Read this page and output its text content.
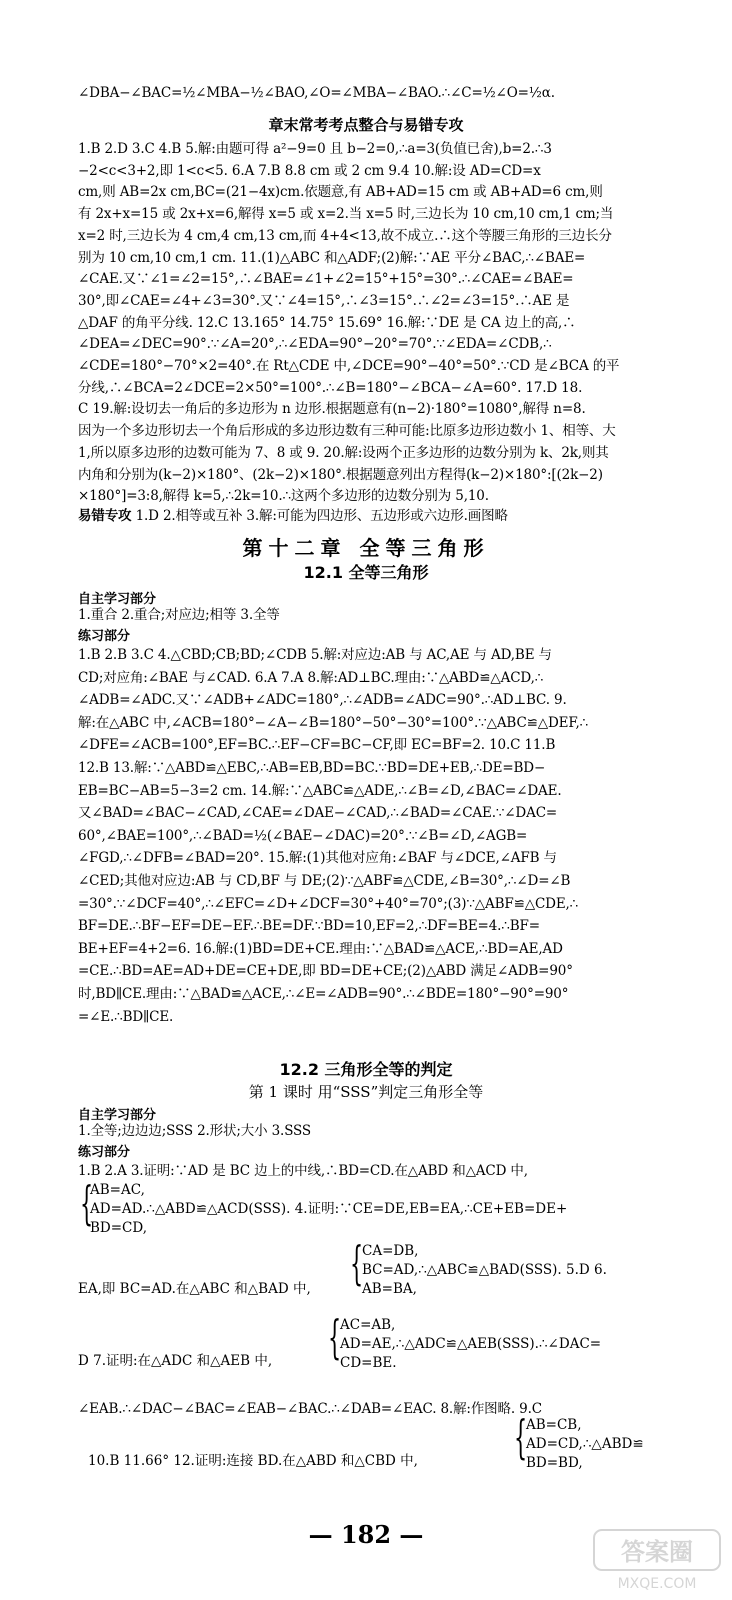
∠DBA−∠BAC=½∠MBA−½∠BAO,∠O=∠MBA−∠BAO.∴∠C=½∠O=½α.
章末常考考点整合与易错专攻
1.B 2.D 3.C 4.B 5.解:由题可得 a²−9=0 且 b−2=0,∴a=3(负值已舍),b=2.∴3
−2<c<3+2,即 1<c<5. 6.A 7.B 8.8 cm 或 2 cm 9.4 10.解:设 AD=CD=x
cm,则 AB=2x cm,BC=(21−4x)cm.依题意,有 AB+AD=15 cm 或 AB+AD=6 cm,则
有 2x+x=15 或 2x+x=6,解得 x=5 或 x=2.当 x=5 时,三边长为 10 cm,10 cm,1 cm;当
x=2 时,三边长为 4 cm,4 cm,13 cm,而 4+4<13,故不成立.∴这个等腰三角形的三边长分
别为 10 cm,10 cm,1 cm. 11.(1)△ABC 和△ADF;(2)解:∵AE 平分∠BAC,∴∠BAE=
∠CAE.又∵∠1=∠2=15°,∴∠BAE=∠1+∠2=15°+15°=30°.∴∠CAE=∠BAE=
30°,即∠CAE=∠4+∠3=30°.又∵∠4=15°,∴∠3=15°.∴∠2=∠3=15°.∴AE 是
△DAF 的角平分线. 12.C 13.165° 14.75° 15.69° 16.解:∵DE 是 CA 边上的高,∴
∠DEA=∠DEC=90°.∵∠A=20°,∴∠EDA=90°−20°=70°.∵∠EDA=∠CDB,∴
∠CDE=180°−70°×2=40°.在 Rt△CDE 中,∠DCE=90°−40°=50°.∵CD 是∠BCA 的平
分线,∴∠BCA=2∠DCE=2×50°=100°.∴∠B=180°−∠BCA−∠A=60°. 17.D 18.
C 19.解:设切去一角后的多边形为 n 边形.根据题意有(n−2)·180°=1080°,解得 n=8.
因为一个多边形切去一个角后形成的多边形边数有三种可能:比原多边形边数小 1、相等、大
1,所以原多边形的边数可能为 7、8 或 9. 20.解:设两个正多边形的边数分别为 k、2k,则其
内角和分别为(k−2)×180°、(2k−2)×180°.根据题意列出方程得(k−2)×180°:[(2k−2)
×180°]=3:8,解得 k=5,∴2k=10.∴这两个多边形的边数分别为 5,10.
易错专攻 1.D 2.相等或互补 3.解:可能为四边形、五边形或六边形.画图略
第十二章 全等三角形
12.1 全等三角形
自主学习部分
1.重合 2.重合;对应边;相等 3.全等
练习部分
1.B 2.B 3.C 4.△CBD;CB;BD;∠CDB 5.解:对应边:AB 与 AC,AE 与 AD,BE 与
CD;对应角:∠BAE 与∠CAD. 6.A 7.A 8.解:AD⊥BC.理由:∵△ABD≌△ACD,∴
∠ADB=∠ADC.又∵∠ADB+∠ADC=180°,∴∠ADB=∠ADC=90°.∴AD⊥BC. 9.
解:在△ABC 中,∠ACB=180°−∠A−∠B=180°−50°−30°=100°.∵△ABC≌△DEF,∴
∠DFE=∠ACB=100°,EF=BC.∴EF−CF=BC−CF,即 EC=BF=2. 10.C 11.B
12.B 13.解:∵△ABD≌△EBC,∴AB=EB,BD=BC.∵BD=DE+EB,∴DE=BD−
EB=BC−AB=5−3=2 cm. 14.解:∵△ABC≌△ADE,∴∠B=∠D,∠BAC=∠DAE.
又∠BAD=∠BAC−∠CAD,∠CAE=∠DAE−∠CAD,∴∠BAD=∠CAE.∵∠DAC=
60°,∠BAE=100°,∴∠BAD=½(∠BAE−∠DAC)=20°.∵∠B=∠D,∠AGB=
∠FGD,∴∠DFB=∠BAD=20°. 15.解:(1)其他对应角:∠BAF 与∠DCE,∠AFB 与
∠CED;其他对应边:AB 与 CD,BF 与 DE;(2)∵△ABF≌△CDE,∠B=30°,∴∠D=∠B
=30°.∵∠DCF=40°,∴∠EFC=∠D+∠DCF=30°+40°=70°;(3)∵△ABF≌△CDE,∴
BF=DE.∴BF−EF=DE−EF.∴BE=DF.∵BD=10,EF=2,∴DF=BE=4.∴BF=
BE+EF=4+2=6. 16.解:(1)BD=DE+CE.理由:∵△BAD≌△ACE,∴BD=AE,AD
=CE.∴BD=AE=AD+DE=CE+DE,即 BD=DE+CE;(2)△ABD 满足∠ADB=90°
时,BD∥CE.理由:∵△BAD≌△ACE,∴∠E=∠ADB=90°.∴∠BDE=180°−90°=90°
=∠E.∴BD∥CE.
12.2 三角形全等的判定
第 1 课时 用“SSS”判定三角形全等
自主学习部分
1.全等;边边边;SSS 2.形状;大小 3.SSS
练习部分
1.B 2.A 3.证明:∵AD 是 BC 边上的中线,∴BD=CD.在△ABD 和△ACD 中,
{
AB=AC,
AD=AD.∴△ABD≌△ACD(SSS). 4.证明:∵CE=DE,EB=EA,∴CE+EB=DE+
BD=CD,
EA,即 BC=AD.在△ABC 和△BAD 中, {
CA=DB,
BC=AD,∴△ABC≌△BAD(SSS). 5.D 6.
AB=BA,
D 7.证明:在△ADC 和△AEB 中, {
AC=AB,
AD=AE,∴△ADC≌△AEB(SSS).∴∠DAC=
CD=BE.
∠EAB.∴∠DAC−∠BAC=∠EAB−∠BAC.∴∠DAB=∠EAC. 8.解:作图略. 9.C
10.B 11.66° 12.证明:连接 BD.在△ABD 和△CBD 中, {
AB=CB,
AD=CD,∴△ABD≌
BD=BD,
— 182 —
答案圈
MXQE.COM
